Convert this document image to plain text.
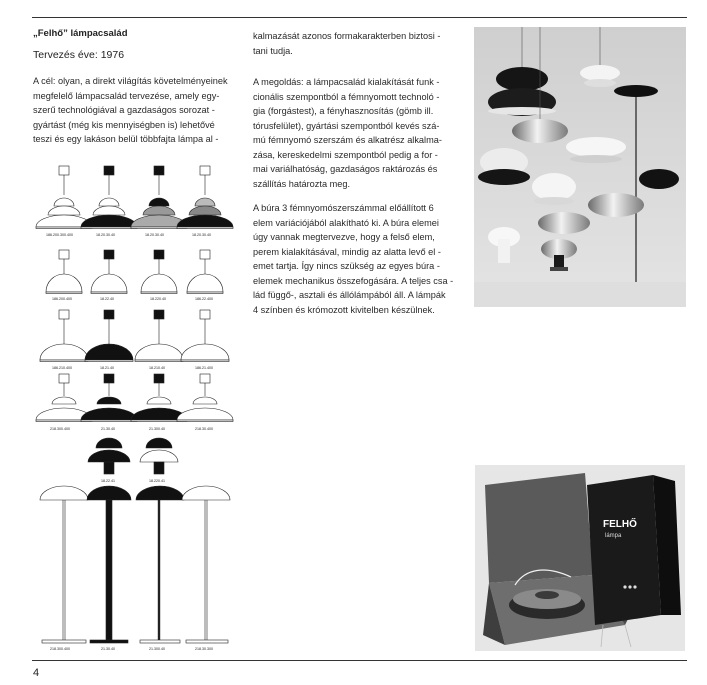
„Felhő” lámpacsalád
Tervezés éve: 1976
A cél: olyan, a direkt világítás követelményeinek
megfelelő lámpacsalád tervezése, amely egy-
szerű technológiával a gazdaságos sorozat -
gyártást (még kis mennyiségben is) lehetővé
teszi és egy lakáson belül többfajta lámpa al -
kalmazását azonos formakarakterben biztosi -
tani tudja.
A megoldás: a lámpacsalád kialakítását funk -
cionális szempontból a fémnyomott technoló -
gia (forgástest), a fényhasznosítás (gömb ill.
tórusfelület), gyártási szempontból kevés szá-
mú fémnyomó szerszám és alkatrész alkalma-
zása, kereskedelmi szempontból pedig a for -
mai variálhatóság, gazdaságos raktározás és
szállítás határozta meg.
A búra 3 fémnyomószerszámmal előállított 6
elem variációjából alakítható ki. A búra elemei
úgy vannak megtervezve, hogy a felső elem,
perem kialakításával, mindig az alatta levő el -
emet tartja. Így nincs szükség az egyes búra -
elemek mechanikus összefogására. A teljes csa -
lád függő-, asztali és állólámpából áll. A lámpák
4 színben és krómozott kivitelben készülnek.
FELHŐ
lámpa
186.200.300.400	18.20.30.40	18.20.30.40	18.20.30.40
186.200.400	18.22.40	18.220.40	186.22.400
186.210.400	18.21.40	18.210.40	186.21.400
218.300.400	21.30.40	21.300.40	218.30.400
18.22.41	18.220.41
218.300.400	21.30.40	21.300.40	218.30.300
4
